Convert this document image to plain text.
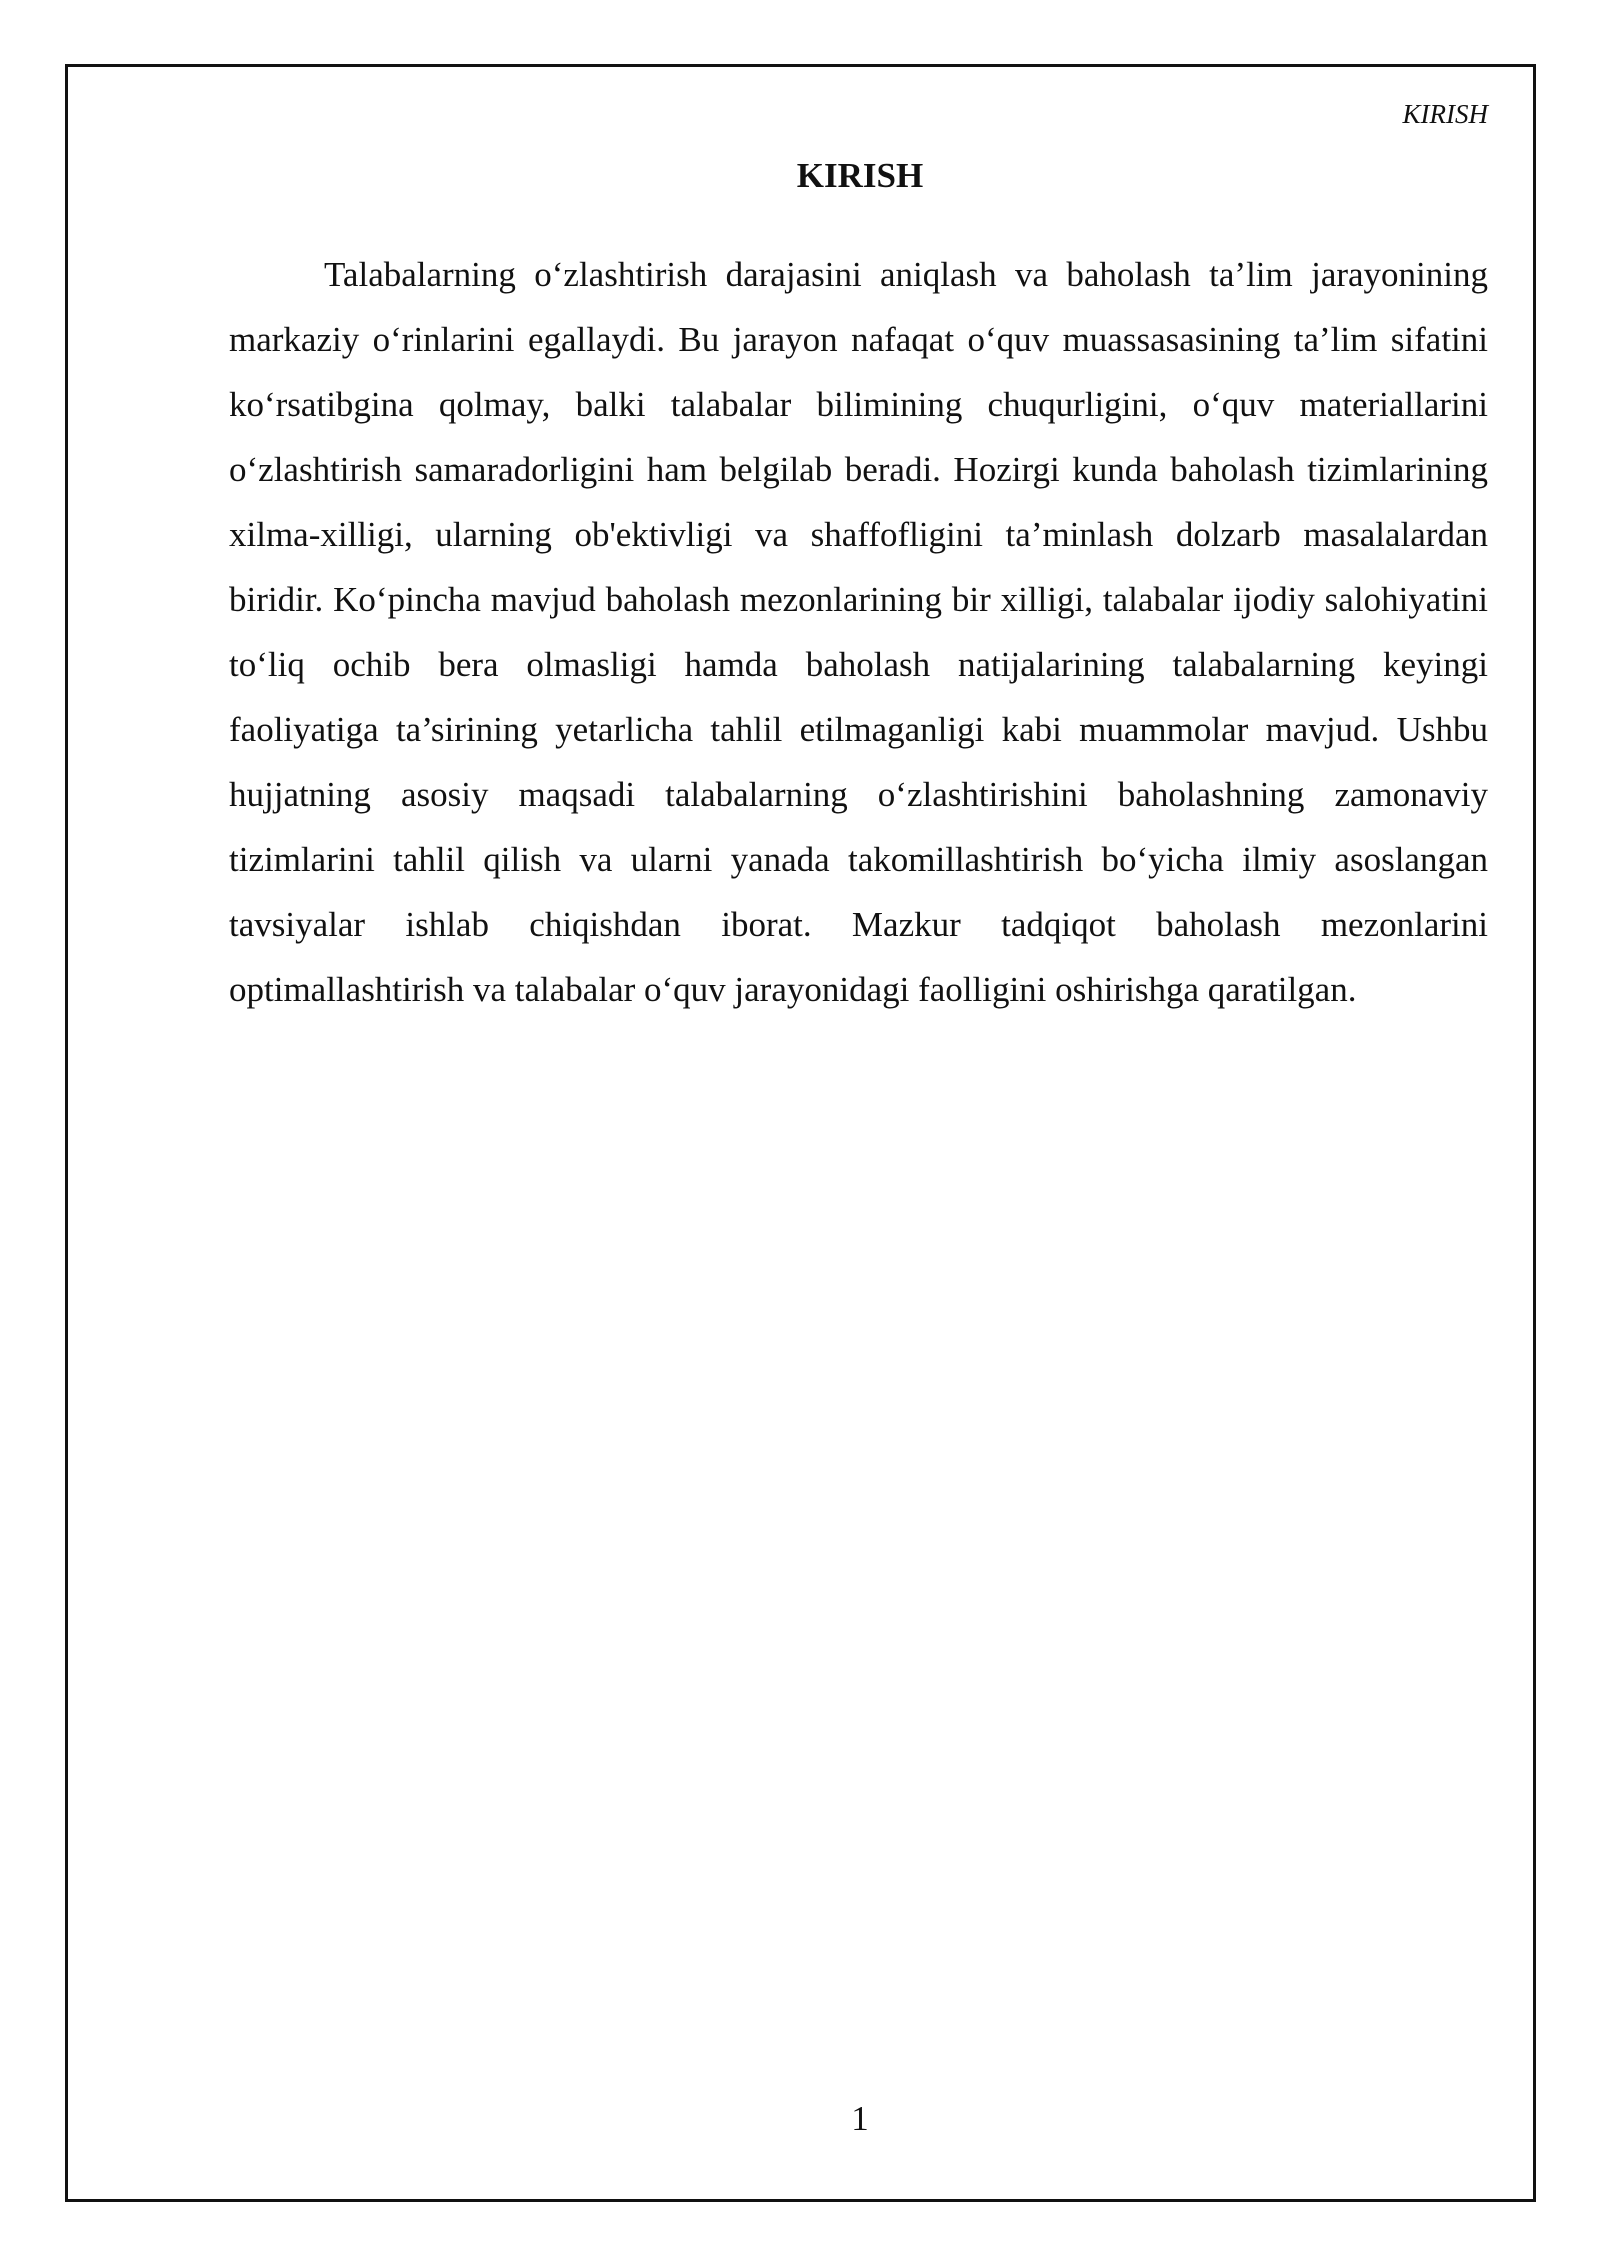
KIRISH
KIRISH

Talabalarning o‘zlashtirish darajasini aniqlash va baholash ta’lim jarayonining markaziy o‘rinlarini egallaydi. Bu jarayon nafaqat o‘quv muassasasining ta’lim sifatini ko‘rsatibgina qolmay, balki talabalar bilimining chuqurligini, o‘quv materiallarini o‘zlashtirish samaradorligini ham belgilab beradi. Hozirgi kunda baholash tizimlarining xilma-xilligi, ularning ob'ektivligi va shaffofligini ta’minlash dolzarb masalalardan biridir. Ko‘pincha mavjud baholash mezonlarining bir xilligi, talabalar ijodiy salohiyatini to‘liq ochib bera olmasligi hamda baholash natijalarining talabalarning keyingi faoliyatiga ta’sirining yetarlicha tahlil etilmaganligi kabi muammolar mavjud. Ushbu hujjatning asosiy maqsadi talabalarning o‘zlashtirishini baholashning zamonaviy tizimlarini tahlil qilish va ularni yanada takomillashtirish bo‘yicha ilmiy asoslangan tavsiyalar ishlab chiqishdan iborat. Mazkur tadqiqot baholash mezonlarini optimallashtirish va talabalar o‘quv jarayonidagi faolligini oshirishga qaratilgan.

1
